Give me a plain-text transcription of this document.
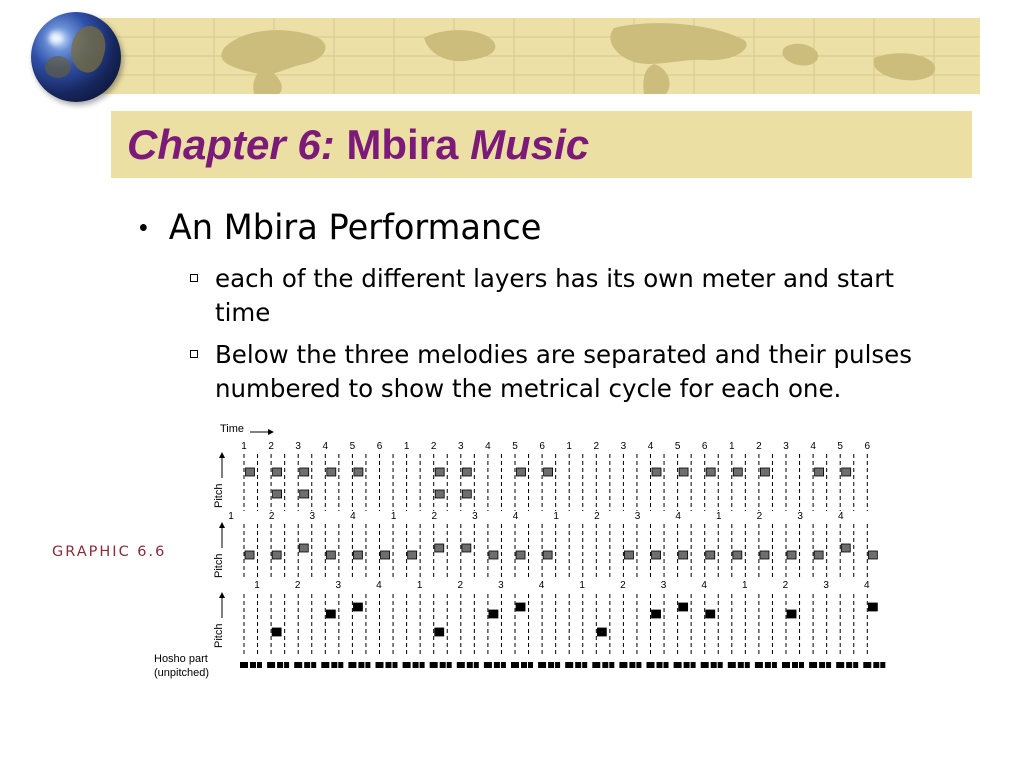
Chapter 6: Mbira Music
An Mbira Performance
each of the different layers has its own meter and start time
Below the three melodies are separated and their pulses numbered to show the metrical cycle for each one.
GRAPHIC 6.6
Time
1 2 3 4 5 6 1 2 3 4 5 6 1 2 3 4 5 6 1 2 3 4 5 6
1	2	3	4	1	2	3	4	1	2	3	4	1	2	3	4
1	2	3	4	1	2	3	4	1	2	3	4	1	2	3	4
Pitch
Pitch
Pitch
Hosho part
(unpitched)
